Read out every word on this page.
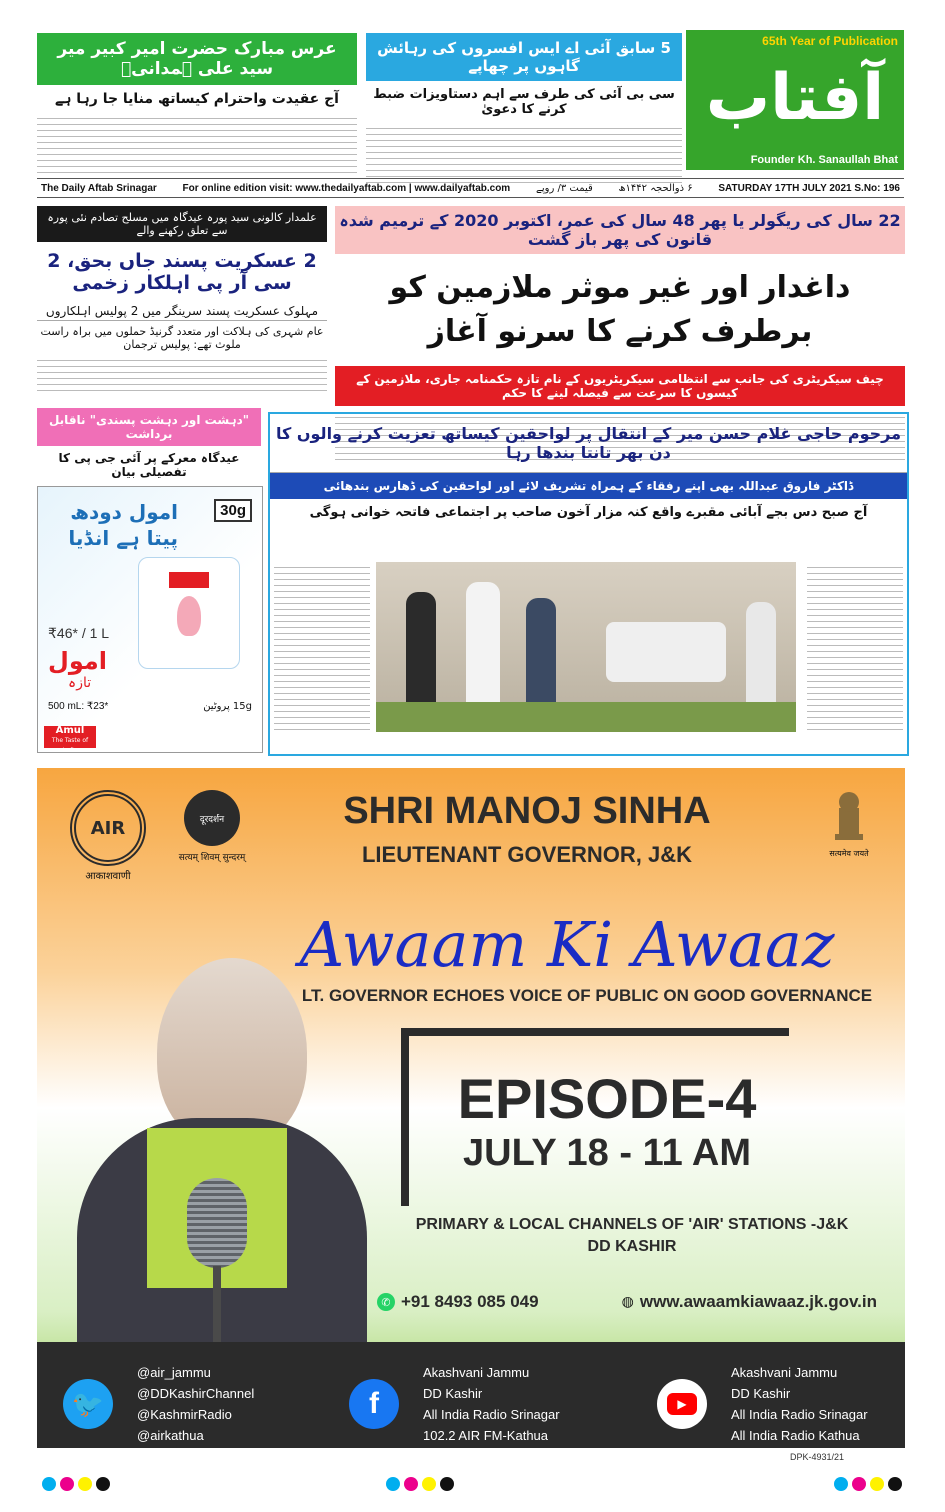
65th Year of Publication
آفتاب
Founder Kh. Sanaullah Bhat
عرس مبارک حضرت امیر کبیر میر سید علی ہمدانیؒ
آج عقیدت واحترام کیساتھ منایا جا رہا ہے
5 سابق آئی اے ایس افسروں کی رہائش گاہوں پر چھاپے
سی بی آئی کی طرف سے اہم دستاویزات ضبط کرنے کا دعویٰ
The Daily Aftab Srinagar	For online edition visit: www.thedailyaftab.com | www.dailyaftab.com	قیمت ۳/ روپے	۶ ذوالحجہ ۱۴۴۲ھ	SATURDAY 17TH JULY 2021 S.No: 196
22 سال کی ریگولر یا پھر 48 سال کی عمر، اکتوبر 2020 کے ترمیم شدہ قانون کی پھر باز گشت
داغدار اور غیر موثر ملازمین کو برطرف کرنے کا سرنو آغاز
چیف سیکریٹری کی جانب سے انتظامی سیکریٹریوں کے نام تازہ حکمنامہ جاری، ملازمین کے کیسوں کا سرعت سے فیصلہ لینے کا حکم
علمدار کالونی سید پورہ عیدگاہ میں مسلح تصادم نئی پورہ سے تعلق رکھنے والے
2 عسکریت پسند جاں بحق، 2 سی آر پی اہلکار زخمی
مہلوک عسکریت پسند سرینگر میں 2 پولیس اہلکاروں
عام شہری کی ہلاکت اور متعدد گرنیڈ حملوں میں براہ راست ملوث تھے: پولیس ترجمان
"دہشت اور دہشت پسندی" ناقابل برداشت
عیدگاہ معرکے پر آئی جی پی کا تفصیلی بیان
امول دودھ پیتا ہے انڈیا
30g
₹46* / 1 L
امول
تازہ
500 mL: ₹23*	15g پروٹین
Amul
The Taste of India
مرحوم حاجی غلام حسن میر کے انتقال پر لواحقین کیساتھ تعزیت کرنے والوں کا دن بھر تانتا بندھا رہا
ڈاکٹر فاروق عبداللہ بھی اپنے رفقاء کے ہمراہ تشریف لائے اور لواحقین کی ڈھارس بندھائی
آج صبح دس بجے آبائی مقبرے واقع کنہ مزار آخون صاحب پر اجتماعی فاتحہ خوانی ہوگی
AIR
आकाशवाणी
दूरदर्शन
सत्यम् शिवम् सुन्दरम्
SHRI MANOJ SINHA
LIEUTENANT GOVERNOR, J&K	सत्यमेव जयते
Awaam Ki Awaaz
LT. GOVERNOR ECHOES VOICE OF PUBLIC ON GOOD GOVERNANCE
EPISODE-4
JULY 18 - 11 AM
PRIMARY & LOCAL CHANNELS OF 'AIR' STATIONS -J&K
DD KASHIR
✆ +91 8493 085 049	◍ www.awaamkiawaaz.jk.gov.in
🐦
@air_jammu
@DDKashirChannel
@KashmirRadio
@airkathua
f
Akashvani Jammu
DD Kashir
All India Radio Srinagar
102.2 AIR FM-Kathua
▶
Akashvani Jammu
DD Kashir
All India Radio Srinagar
All India Radio Kathua
DPK-4931/21
